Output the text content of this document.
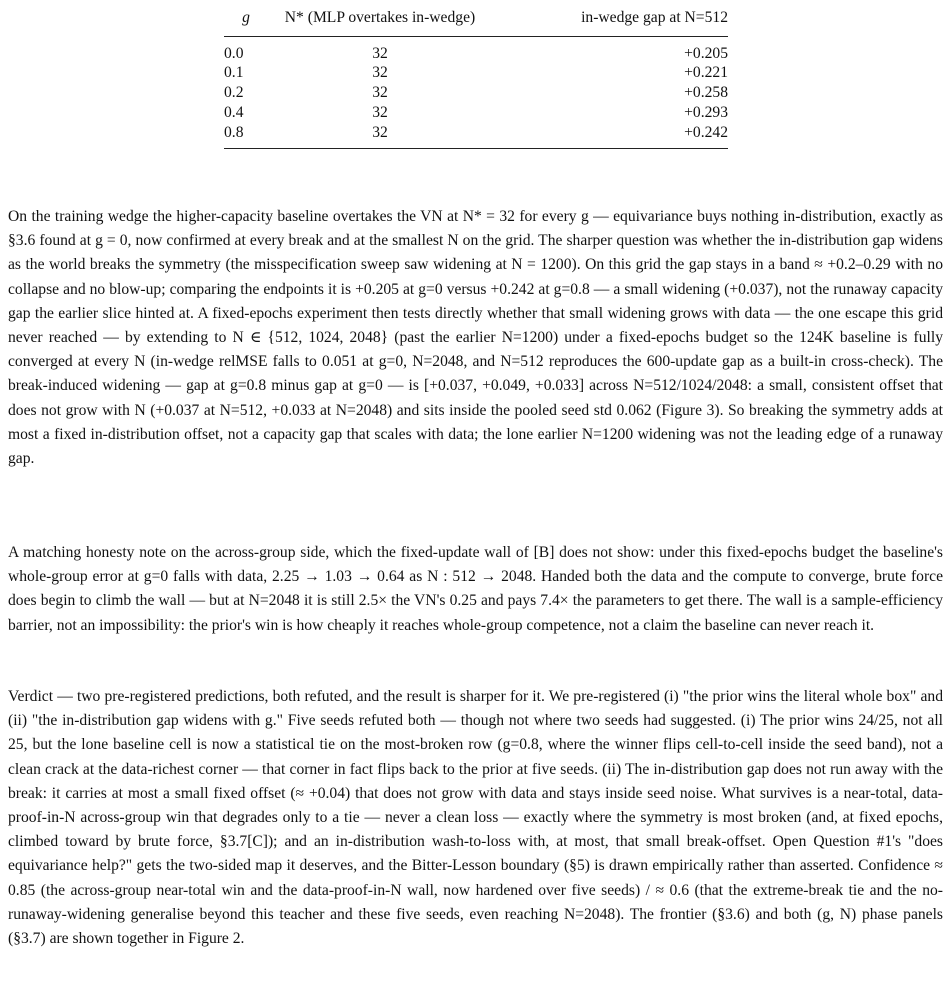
g	N* (MLP overtakes in-wedge)	in-wedge gap at N=512
0.0	32	+0.205
0.1	32	+0.221
0.2	32	+0.258
0.4	32	+0.293
0.8	32	+0.242

On the training wedge the higher-capacity baseline overtakes the VN at N* = 32 for every g — equivariance buys nothing in-distribution, exactly as §3.6 found at g = 0, now confirmed at every break and at the smallest N on the grid. The sharper question was whether the in-distribution gap widens as the world breaks the symmetry (the misspecification sweep saw widening at N = 1200). On this grid the gap stays in a band ≈ +0.2–0.29 with no collapse and no blow-up; comparing the endpoints it is +0.205 at g=0 versus +0.242 at g=0.8 — a small widening (+0.037), not the runaway capacity gap the earlier slice hinted at. A fixed-epochs experiment then tests directly whether that small widening grows with data — the one escape this grid never reached — by extending to N ∈ {512, 1024, 2048} (past the earlier N=1200) under a fixed-epochs budget so the 124K baseline is fully converged at every N (in-wedge relMSE falls to 0.051 at g=0, N=2048, and N=512 reproduces the 600-update gap as a built-in cross-check). The break-induced widening — gap at g=0.8 minus gap at g=0 — is [+0.037, +0.049, +0.033] across N=512/1024/2048: a small, consistent offset that does not grow with N (+0.037 at N=512, +0.033 at N=2048) and sits inside the pooled seed std 0.062 (Figure 3). So breaking the symmetry adds at most a fixed in-distribution offset, not a capacity gap that scales with data; the lone earlier N=1200 widening was not the leading edge of a runaway gap.

A matching honesty note on the across-group side, which the fixed-update wall of [B] does not show: under this fixed-epochs budget the baseline's whole-group error at g=0 falls with data, 2.25 → 1.03 → 0.64 as N : 512 → 2048. Handed both the data and the compute to converge, brute force does begin to climb the wall — but at N=2048 it is still 2.5× the VN's 0.25 and pays 7.4× the parameters to get there. The wall is a sample-efficiency barrier, not an impossibility: the prior's win is how cheaply it reaches whole-group competence, not a claim the baseline can never reach it.

Verdict — two pre-registered predictions, both refuted, and the result is sharper for it. We pre-registered (i) "the prior wins the literal whole box" and (ii) "the in-distribution gap widens with g." Five seeds refuted both — though not where two seeds had suggested. (i) The prior wins 24/25, not all 25, but the lone baseline cell is now a statistical tie on the most-broken row (g=0.8, where the winner flips cell-to-cell inside the seed band), not a clean crack at the data-richest corner — that corner in fact flips back to the prior at five seeds. (ii) The in-distribution gap does not run away with the break: it carries at most a small fixed offset (≈ +0.04) that does not grow with data and stays inside seed noise. What survives is a near-total, data-proof-in-N across-group win that degrades only to a tie — never a clean loss — exactly where the symmetry is most broken (and, at fixed epochs, climbed toward by brute force, §3.7[C]); and an in-distribution wash-to-loss with, at most, that small break-offset. Open Question #1's "does equivariance help?" gets the two-sided map it deserves, and the Bitter-Lesson boundary (§5) is drawn empirically rather than asserted. Confidence ≈ 0.85 (the across-group near-total win and the data-proof-in-N wall, now hardened over five seeds) / ≈ 0.6 (that the extreme-break tie and the no-runaway-widening generalise beyond this teacher and these five seeds, even reaching N=2048). The frontier (§3.6) and both (g, N) phase panels (§3.7) are shown together in Figure 2.
